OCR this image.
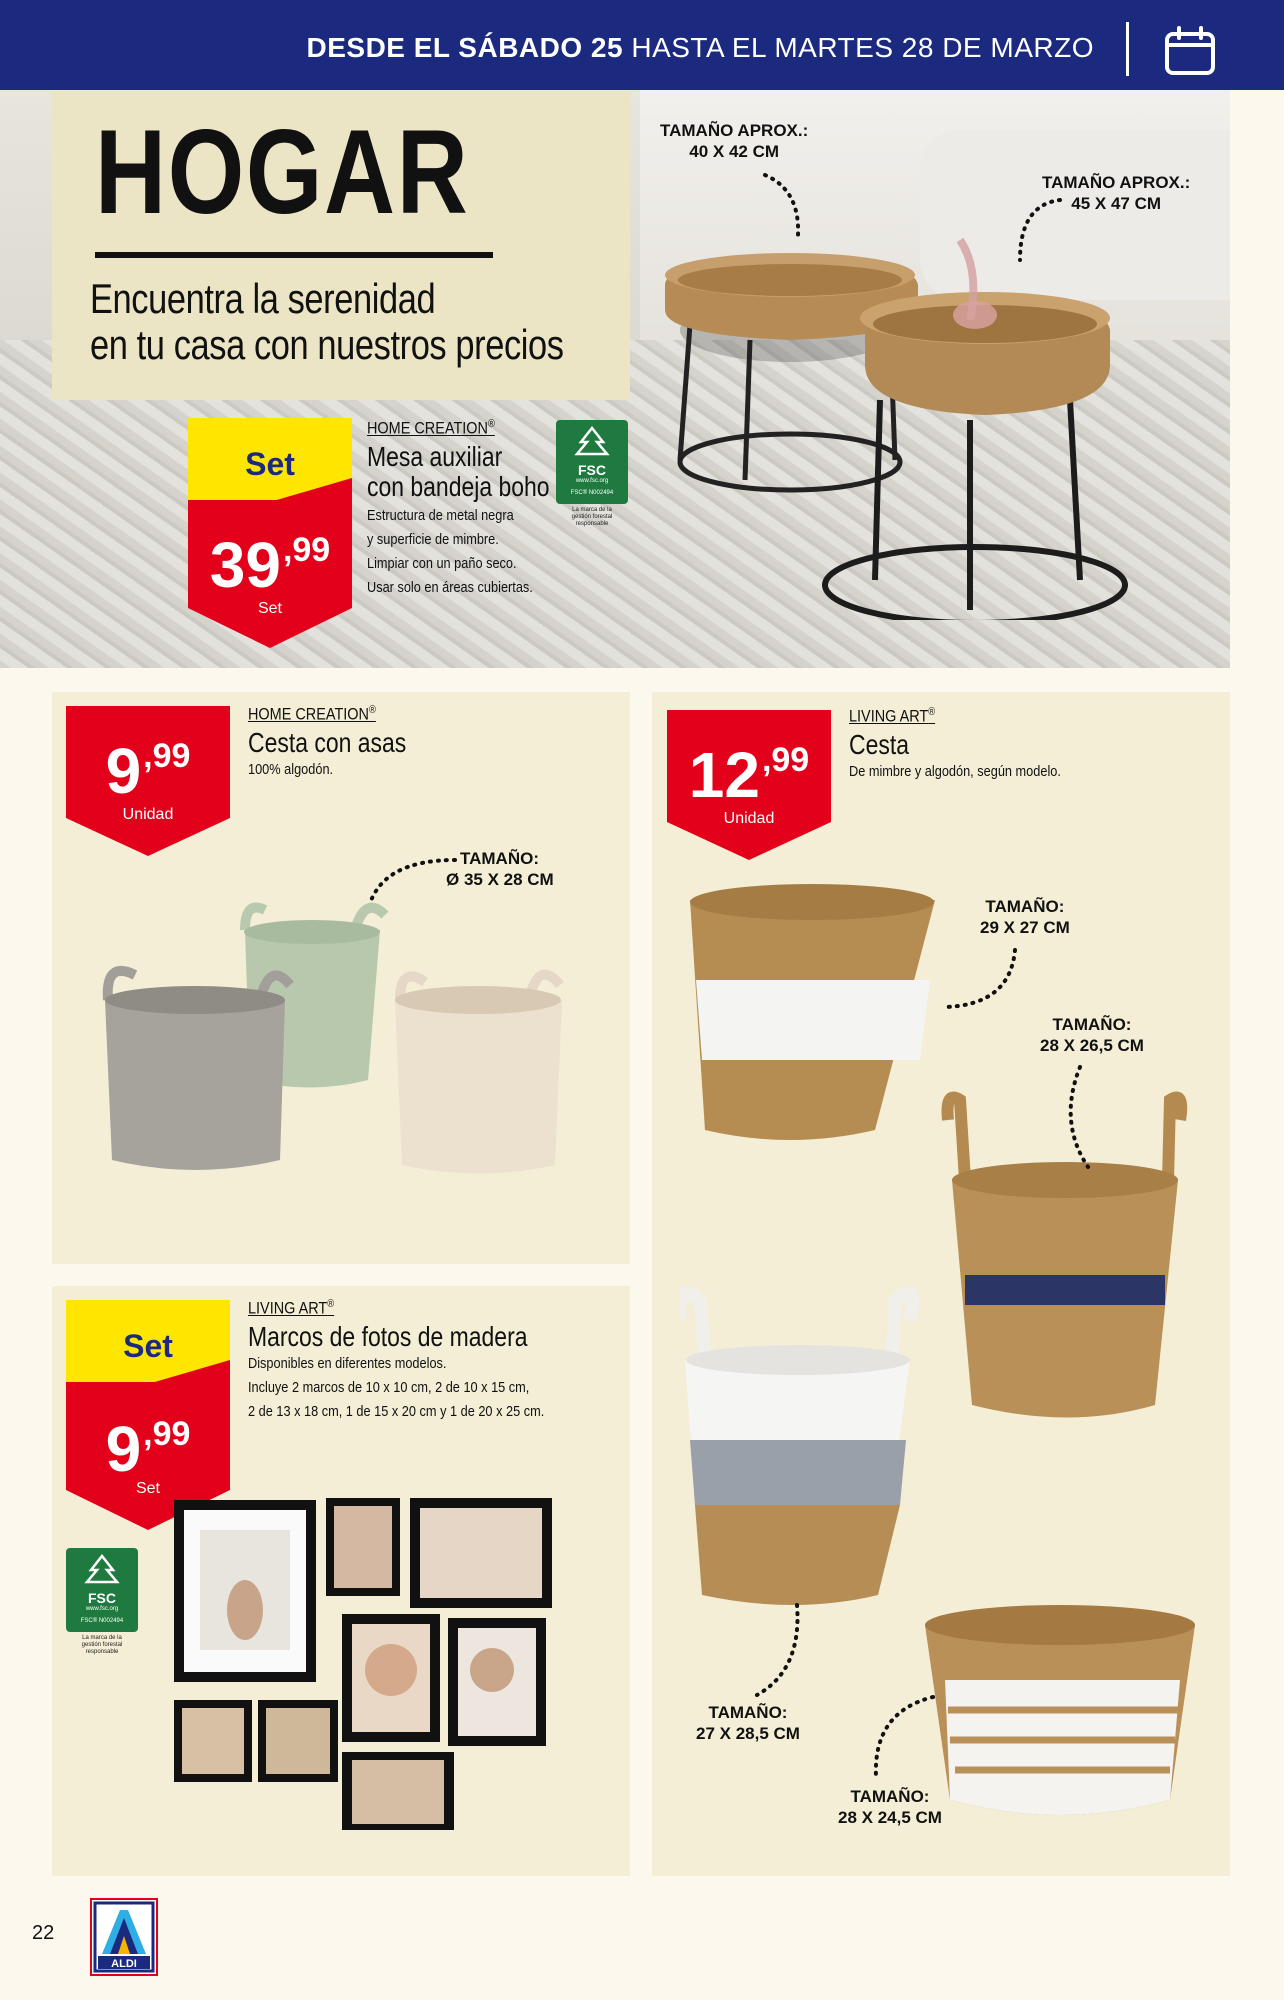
DESDE EL SÁBADO 25 HASTA EL MARTES 28 DE MARZO
HOGAR
Encuentra la serenidad
en tu casa con nuestros precios
TAMAÑO APROX.:
40 X 42 CM
TAMAÑO APROX.:
45 X 47 CM
Set
39,99
Set
HOME CREATION®
Mesa auxiliar
con bandeja boho
Estructura de metal negra
y superficie de mimbre.
Limpiar con un paño seco.
Usar solo en áreas cubiertas.
FSC
www.fsc.org
FSC® N002494
La marca de la
gestión forestal
responsable
9,99
Unidad
HOME CREATION®
Cesta con asas
100% algodón.
TAMAÑO:
Ø 35 X 28 CM
12,99
Unidad
LIVING ART®
Cesta
De mimbre y algodón, según modelo.
TAMAÑO:
29 X 27 CM
TAMAÑO:
28 X 26,5 CM
TAMAÑO:
27 X 28,5 CM
TAMAÑO:
28 X 24,5 CM
Set
9,99
Set
LIVING ART®
Marcos de fotos de madera
Disponibles en diferentes modelos.
Incluye 2 marcos de 10 x 10 cm, 2 de 10 x 15 cm,
2 de 13 x 18 cm, 1 de 15 x 20 cm y 1 de 20 x 25 cm.
FSC
www.fsc.org
FSC® N002494
La marca de la
gestión forestal
responsable
22
ALDI
